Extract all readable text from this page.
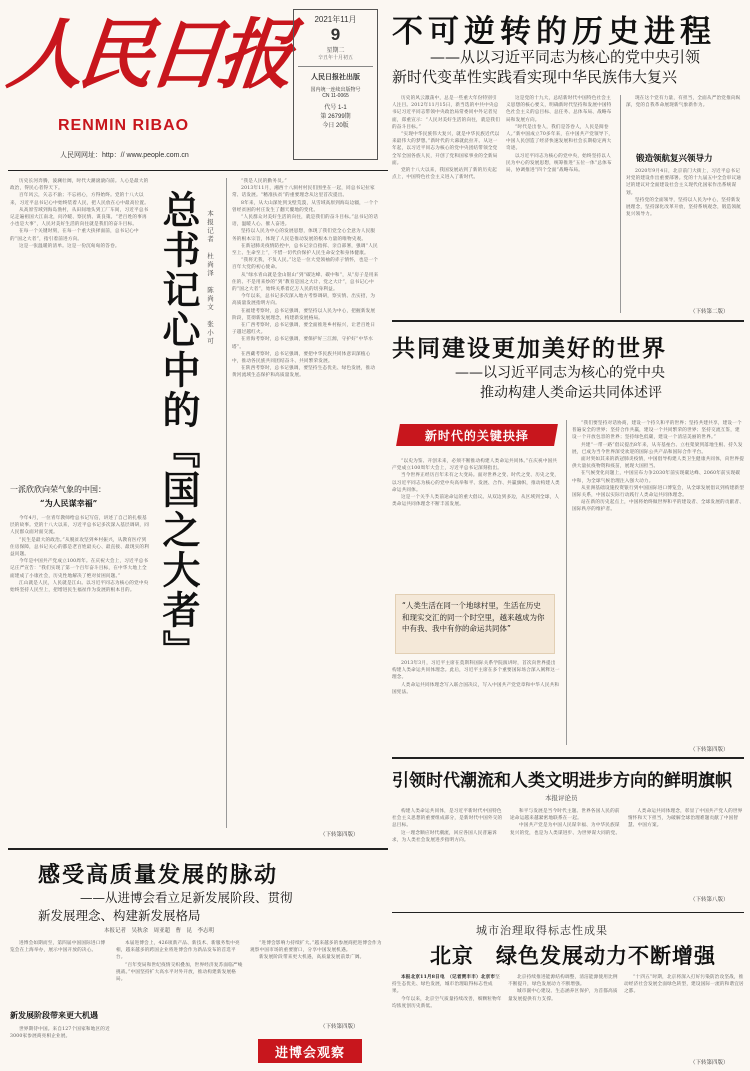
人民日报
RENMIN RIBAO
人民网网址：http：// www.people.com.cn
2021年11月
9
星期二
辛丑年十月初五
人民日报社出版
国内统一连续出版物号
CN 11-0065
代号 1-1
第 26799期
今日 20版
不可逆转的历史进程
——从以习近平同志为核心的党中央引领
新时代变革性实践看实现中华民族伟大复兴

历史的风云激荡中，总是一些重大年份特别引人注目。2012年11月15日，新当选的中共中央总书记习近平同志带领中央政治局常委同中外记者见面，郑重宣示：“人民对美好生活的向往，就是我们的奋斗目标。”

“实现中华民族伟大复兴，就是中华民族近代以来最伟大的梦想。”新时代的大幕就此拉开。从这一年起，以习近平同志为核心的党中央团结带领全党全军全国各族人民，开创了党和国家事业的全新局面。

党的十八大以来，我国发展站到了新的历史起点上，中国特色社会主义进入了新时代。

这是党的十九大，总结新时代中国特色社会主义思想的核心要义，明确新时代坚持和发展中国特色社会主义的总目标、总任务、总体布局、战略布局和发展方向。

“时代是出卷人，我们是答卷人，人民是阅卷人。”新中国成立70多年来，在中国共产党领导下，中国人民创造了经济快速发展和社会长期稳定两大奇迹。

以习近平同志为核心的党中央，始终坚持以人民为中心的发展思想，统筹推进“五位一体”总体布局，协调推进“四个全面”战略布局。

现在这个党有力量，有担当，全面从严治党推向纵深，党的自我革命展现新气象新作为。

锻造领航复兴领导力

2020年9月4日，北京前门大街上，习近平总书记对党的建设作出重要部署。党的十九届五中全会审议通过的建议对全面建设社会主义现代化国家作出系统谋划。

坚持党的全面领导，坚持以人民为中心，坚持新发展理念，坚持深化改革开放，坚持系统观念，锻造领航复兴领导力。

（下转第二版）

历史长河奔腾，波澜壮阔，时代大潮滚滚向前。人心是最大的政治，得民心者得天下。

百年风云，矢志不渝；不忘初心，方得始终。党的十八大以来，习近平总书记心中始终装着人民，把人民放在心中最高位置。

从高原雪域到海岛渔村，从田间地头到工厂车间，习近平总书记走遍祖国大江南北，问冷暖、察民情、谋良策。“老百姓的事再小也是大事”，人民对美好生活的向往就是我们的奋斗目标。

在每一个关键时刻，在每一个重大抉择面前，总书记心中的“国之大者”，指引着前进方向。

这是一张温暖的清单。这是一份沉甸甸的答卷。

一派欣欣向荣气象的中国：
“为人民谋幸福”

今年4月，一位青年教师给总书记写信，讲述了自己的扎根基层的故事。党的十八大以来，习近平总书记多次深入基层调研，同人民群众面对面交流。

“民生是最大的政治。”从脱贫攻坚到乡村振兴，从教育医疗到住房保障，总书记关心的都是老百姓最关心、最直接、最现实的利益问题。

今年是中国共产党成立100周年。在庆祝大会上，习近平总书记庄严宣告：“我们实现了第一个百年奋斗目标，在中华大地上全面建成了小康社会，历史性地解决了绝对贫困问题。”

江山就是人民，人民就是江山。以习近平同志为核心的党中央始终坚持人民至上，把增进民生福祉作为发展的根本目的。 总书记心中的『国之大者』 本报记者　杜尚泽　陈尚文　张小可

“我是人民的勤务员。”

2013年11月，湘西十八洞村村民们围坐在一起，同总书记拉家常、话发展。“精准扶贫”的重要理念从这里首次提出。

8年来，从大山深处到戈壁荒漠，从雪域高原到海岛边疆，一个个曾经贫困的村庄发生了翻天覆地的变化。

“人民群众对美好生活的向往，就是我们的奋斗目标。”总书记的话语，温暖人心、催人奋进。

坚持以人民为中心的发展思想，体现了我们党全心全意为人民服务的根本宗旨，体现了人民是推动发展的根本力量的唯物史观。

在新冠肺炎疫情防控中，总书记亲自指挥、亲自部署，强调“人民至上、生命至上”，不惜一切代价保护人民生命安全和身体健康。

“我将无我，不负人民。”这是一位大党领袖的赤子情怀，也是一个百年大党的初心使命。

从“绿水青山就是金山银山”到“碳达峰、碳中和”，从“房子是用来住的、不是用来炒的”到“教育是国之大计、党之大计”，总书记心中的“国之大者”，始终关系着亿万人民的切身利益。

今年以来，总书记多次深入地方考察调研，察实情、出实招，为高质量发展指明方向。

在福建考察时，总书记强调，要坚持以人民为中心，把握新发展阶段，贯彻新发展理念，构建新发展格局。

在广西考察时，总书记强调，要全面推进乡村振兴，让老百姓日子越过越红火。

在青海考察时，总书记强调，要保护好三江源，守护好“中华水塔”。

在西藏考察时，总书记强调，要把中华民族共同体意识深植心中，推动各民族共同团结奋斗、共同繁荣发展。

在陕西考察时，总书记强调，要坚持生态优先、绿色发展，推动黄河流域生态保护和高质量发展。

（下转第四版）
共同建设更加美好的世界
——以习近平同志为核心的党中央
推动构建人类命运共同体述评
新时代的关键抉择

“以史为鉴、开创未来，必须不断推动构建人类命运共同体。”在庆祝中国共产党成立100周年大会上，习近平总书记深刻指出。

当今世界正经历百年未有之大变局。面对世界之变、时代之变、历史之变，以习近平同志为核心的党中央高举和平、发展、合作、共赢旗帜，推动构建人类命运共同体。

这是一个关乎人类前途命运的重大倡议。从双边到多边，从区域到全球，人类命运共同体理念不断丰富发展。

“人类生活在同一个地球村里，生活在历史和现实交汇的同一个时空里，越来越成为你中有我、我中有你的命运共同体”

2013年3月，习近平主席在莫斯科国际关系学院演讲时，首次向世界提出构建人类命运共同体理念。此后，习近平主席在多个重要国际场合深入阐释这一理念。

人类命运共同体理念写入联合国决议，写入中国共产党党章和中华人民共和国宪法。

“我们要坚持对话协商，建设一个持久和平的世界；坚持共建共享，建设一个普遍安全的世界；坚持合作共赢，建设一个共同繁荣的世界；坚持交流互鉴，建设一个开放包容的世界；坚持绿色低碳，建设一个清洁美丽的世界。”

共建“一带一路”倡议提出8年来，从夯基垒台、立柱架梁到落地生根、持久发展，已成为当今世界深受欢迎的国际公共产品和国际合作平台。

面对突如其来的新冠肺炎疫情，中国倡导构建人类卫生健康共同体，向世界提供大量抗疫物资和疫苗，展现大国担当。

在气候变化问题上，中国宣布力争2030年前实现碳达峰、2060年前实现碳中和，为全球气候治理注入强大动力。

从亚洲基础设施投资银行到中国国际进口博览会，从全球发展倡议到构建新型国际关系，中国以实际行动践行人类命运共同体理念。

站在新的历史起点上，中国将始终做世界和平的建设者、全球发展的贡献者、国际秩序的维护者。

（下转第四版）
引领时代潮流和人类文明进步方向的鲜明旗帜
本报评论员

构建人类命运共同体，是习近平新时代中国特色社会主义思想的重要组成部分，是新时代中国外交的总目标。

这一理念顺应时代潮流，回应各国人民普遍诉求，为人类社会发展进步指明方向。

和平与发展是当今时代主题。世界各国人民的前途命运越来越紧密地联系在一起。

中国共产党是为中国人民谋幸福、为中华民族谋复兴的党，也是为人类谋进步、为世界谋大同的党。

人类命运共同体理念，彰显了中国共产党人的世界情怀和天下担当，为破解全球治理难题贡献了中国智慧、中国方案。

（下转第八版）
感受高质量发展的脉动
——从进博会看立足新发展阶段、贯彻
新发展理念、构建新发展格局
本报记者　吴秋余　周亚超　曹　昆　李志明

进博会如期而至，第四届中国国际进口博览会在上海举办，展示中国开放的决心。

新发展阶段带来更大机遇

世界期待中国。来自127个国家和地区的近3000家参展商亮相企业展。

本届进博会上，426项新产品、新技术、新服务集中亮相，越来越多的跨国企业将进博会作为新品发布的首选平台。

“百年变局和世纪疫情交织叠加，世界经济复苏面临严峻挑战。”中国坚持扩大高水平对外开放，推动构建新发展格局。

“进博会影响力持续扩大。”越来越多的参展商把进博会作为观察中国市场的重要窗口，分享中国发展机遇。

新发展阶段带来更大机遇，高质量发展前景广阔。

（下转第四版）
进博会观察
城市治理取得标志性成果
北京　绿色发展动力不断增强

本报北京11月8日电　（记者贾丰丰）北京市坚持生态优先、绿色发展，城市治理取得标志性成果。

今年以来，北京空气质量持续改善，细颗粒物年均浓度创历史新低。

北京持续推进能源结构调整，清洁能源使用比例不断提升，绿色发展动力不断增强。

城市副中心建设、生态涵养区保护，为首都高质量发展提供有力支撑。

“十四五”时期，北京将深入打好污染防治攻坚战，推动经济社会发展全面绿色转型，建设国际一流的和谐宜居之都。

（下转第四版）
